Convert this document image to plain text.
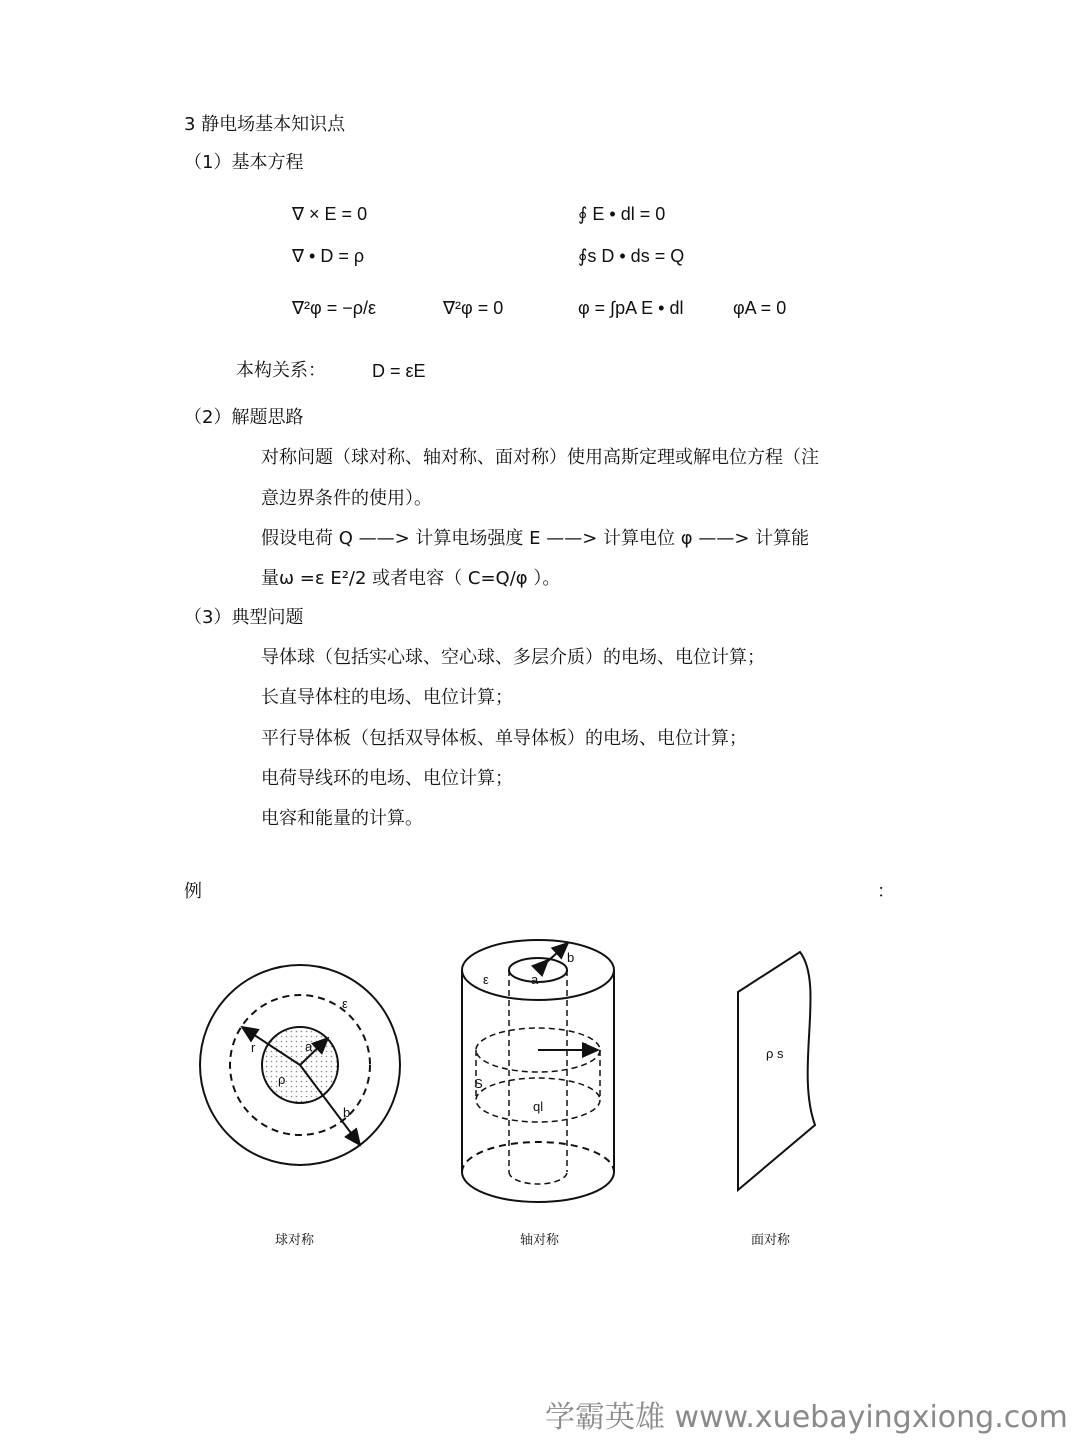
3 静电场基本知识点
（1）基本方程
∇ × E = 0	∮ E • dl = 0
∇ • D = ρ	∮s D • ds = Q
∇²φ = −ρ/ε	∇²φ = 0	φ = ∫pA E • dl	φA = 0
本构关系：	D = εE
（2）解题思路
对称问题（球对称、轴对称、面对称）使用高斯定理或解电位方程（注
意边界条件的使用）。
假设电荷 Q ——> 计算电场强度 E ——> 计算电位 φ ——> 计算能
量ω =ε E²/2 或者电容（ C=Q/φ ）。
（3）典型问题
导体球（包括实心球、空心球、多层介质）的电场、电位计算；
长直导体柱的电场、电位计算；
平行导体板（包括双导体板、单导体板）的电场、电位计算；
电荷导线环的电场、电位计算；
电容和能量的计算。
例	：
ε
r	a
ρ
b
b
ε	a
r
S
ql
ρ s
球对称	轴对称	面对称
学霸英雄 www.xuebayingxiong.com
